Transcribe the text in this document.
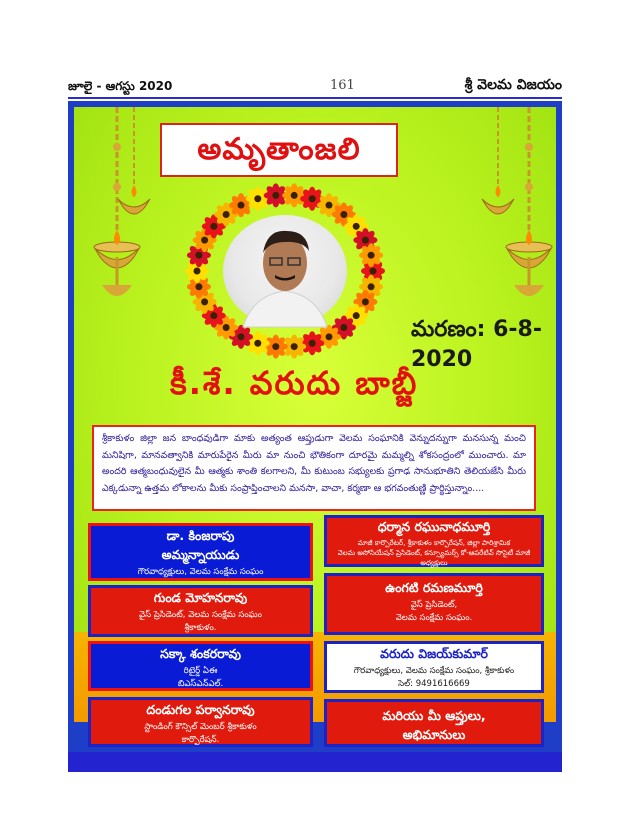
జూలై - ఆగస్టు 2020	161	శ్రీ వెలమ విజయం
అమృతాంజలి
మరణం: 6-8-2020
కీ.శే. వరుదు బాబ్జీ
శ్రీకాకుళం జిల్లా జన బాంధవుడిగా మాకు అత్యంత ఆప్తుడుగా వెలమ సంఘానికి వెన్నుదన్నుగా మనసున్న మంచి మనిషిగా, మానవత్వానికి మారుపేరైన మీరు మా నుంచి భౌతికంగా దూరమై మమ్మల్ని శోకసంద్రంలో ముంచారు. మా అందరి ఆత్మబంధువులైన మీ ఆత్మకు శాంతి కలగాలని, మీ కుటుంబ సభ్యులకు ప్రగాఢ సానుభూతిని తెలియజేసి మీరు ఎక్కడున్నా ఉత్తమ లోకాలను మీకు సంప్రాప్తించాలని మనసా, వాచా, కర్మణా ఆ భగవంతుణ్ణి ప్రార్థిస్తున్నాం....
డా. కింజరాపు అమ్మన్నాయుడు
గౌరవాధ్యక్షులు, వెలమ సంక్షేమ సంఘం
ధర్మాన రఘునాధమూర్తి
మాజీ కార్పొరేటర్, శ్రీకాకుళం కార్పొరేషన్, జిల్లా పారిశ్రామిక
వెలమ అసోసియేషన్ ప్రెసిడెంట్, కన్స్యూమర్స్ కో-ఆపరేటివ్ సొసైటీ మాజీ అధ్యక్షులు
గుండ మోహనరావు
వైస్ ప్రెసిడెంట్, వెలమ సంక్షేమ సంఘం
శ్రీకాకుళం.
ఉంగటి రమణమూర్తి
వైస్ ప్రెసిడెంట్,
వెలమ సంక్షేమ సంఘం.
సక్కా శంకరరావు
రిటైర్డ్ ఏఈ
బిఎస్ఎన్ఎల్.
వరుదు విజయ్‌కుమార్
గౌరవాధ్యక్షులు, వెలమ సంక్షేమ సంఘం, శ్రీకాకుళం
సెల్: 9491616669
దండుగల పర్వానరావు
స్టాండింగ్ కౌన్సిల్ మెంబర్ శ్రీకాకుళం
కార్పొరేషన్.
మరియు మీ ఆప్తులు,
అభిమానులు
